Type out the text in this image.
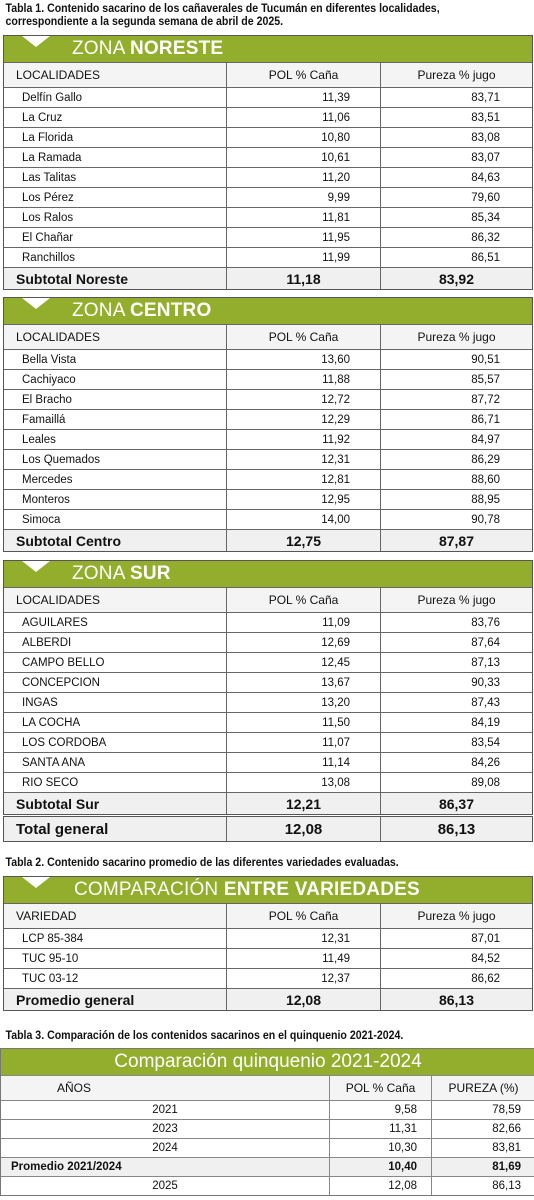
Tabla 1. Contenido sacarino de los cañaverales de Tucumán en diferentes localidades,
correspondiente a la segunda semana de abril de 2025.
ZONA NORESTE
LOCALIDADES	POL % Caña	Pureza % jugo
Delfín Gallo	11,39	83,71
La Cruz	11,06	83,51
La Florida	10,80	83,08
La Ramada	10,61	83,07
Las Talitas	11,20	84,63
Los Pérez	9,99	79,60
Los Ralos	11,81	85,34
El Chañar	11,95	86,32
Ranchillos	11,99	86,51
Subtotal Noreste	11,18	83,92
ZONA CENTRO
LOCALIDADES	POL % Caña	Pureza % jugo
Bella Vista	13,60	90,51
Cachiyaco	11,88	85,57
El Bracho	12,72	87,72
Famaillá	12,29	86,71
Leales	11,92	84,97
Los Quemados	12,31	86,29
Mercedes	12,81	88,60
Monteros	12,95	88,95
Simoca	14,00	90,78
Subtotal Centro	12,75	87,87
ZONA SUR
LOCALIDADES	POL % Caña	Pureza % jugo
AGUILARES	11,09	83,76
ALBERDI	12,69	87,64
CAMPO BELLO	12,45	87,13
CONCEPCION	13,67	90,33
INGAS	13,20	87,43
LA COCHA	11,50	84,19
LOS CORDOBA	11,07	83,54
SANTA ANA	11,14	84,26
RIO SECO	13,08	89,08
Subtotal Sur	12,21	86,37
Total general	12,08	86,13
Tabla 2. Contenido sacarino promedio de las diferentes variedades evaluadas.
COMPARACIÓN ENTRE VARIEDADES
VARIEDAD	POL % Caña	Pureza % jugo
LCP 85-384	12,31	87,01
TUC 95-10	11,49	84,52
TUC 03-12	12,37	86,62
Promedio general	12,08	86,13
Tabla 3. Comparación de los contenidos sacarinos en el quinquenio 2021-2024.
Comparación quinquenio 2021-2024
AÑOS	POL % Caña	PUREZA (%)
2021	9,58	78,59
2023	11,31	82,66
2024	10,30	83,81
Promedio 2021/2024	10,40	81,69
2025	12,08	86,13
